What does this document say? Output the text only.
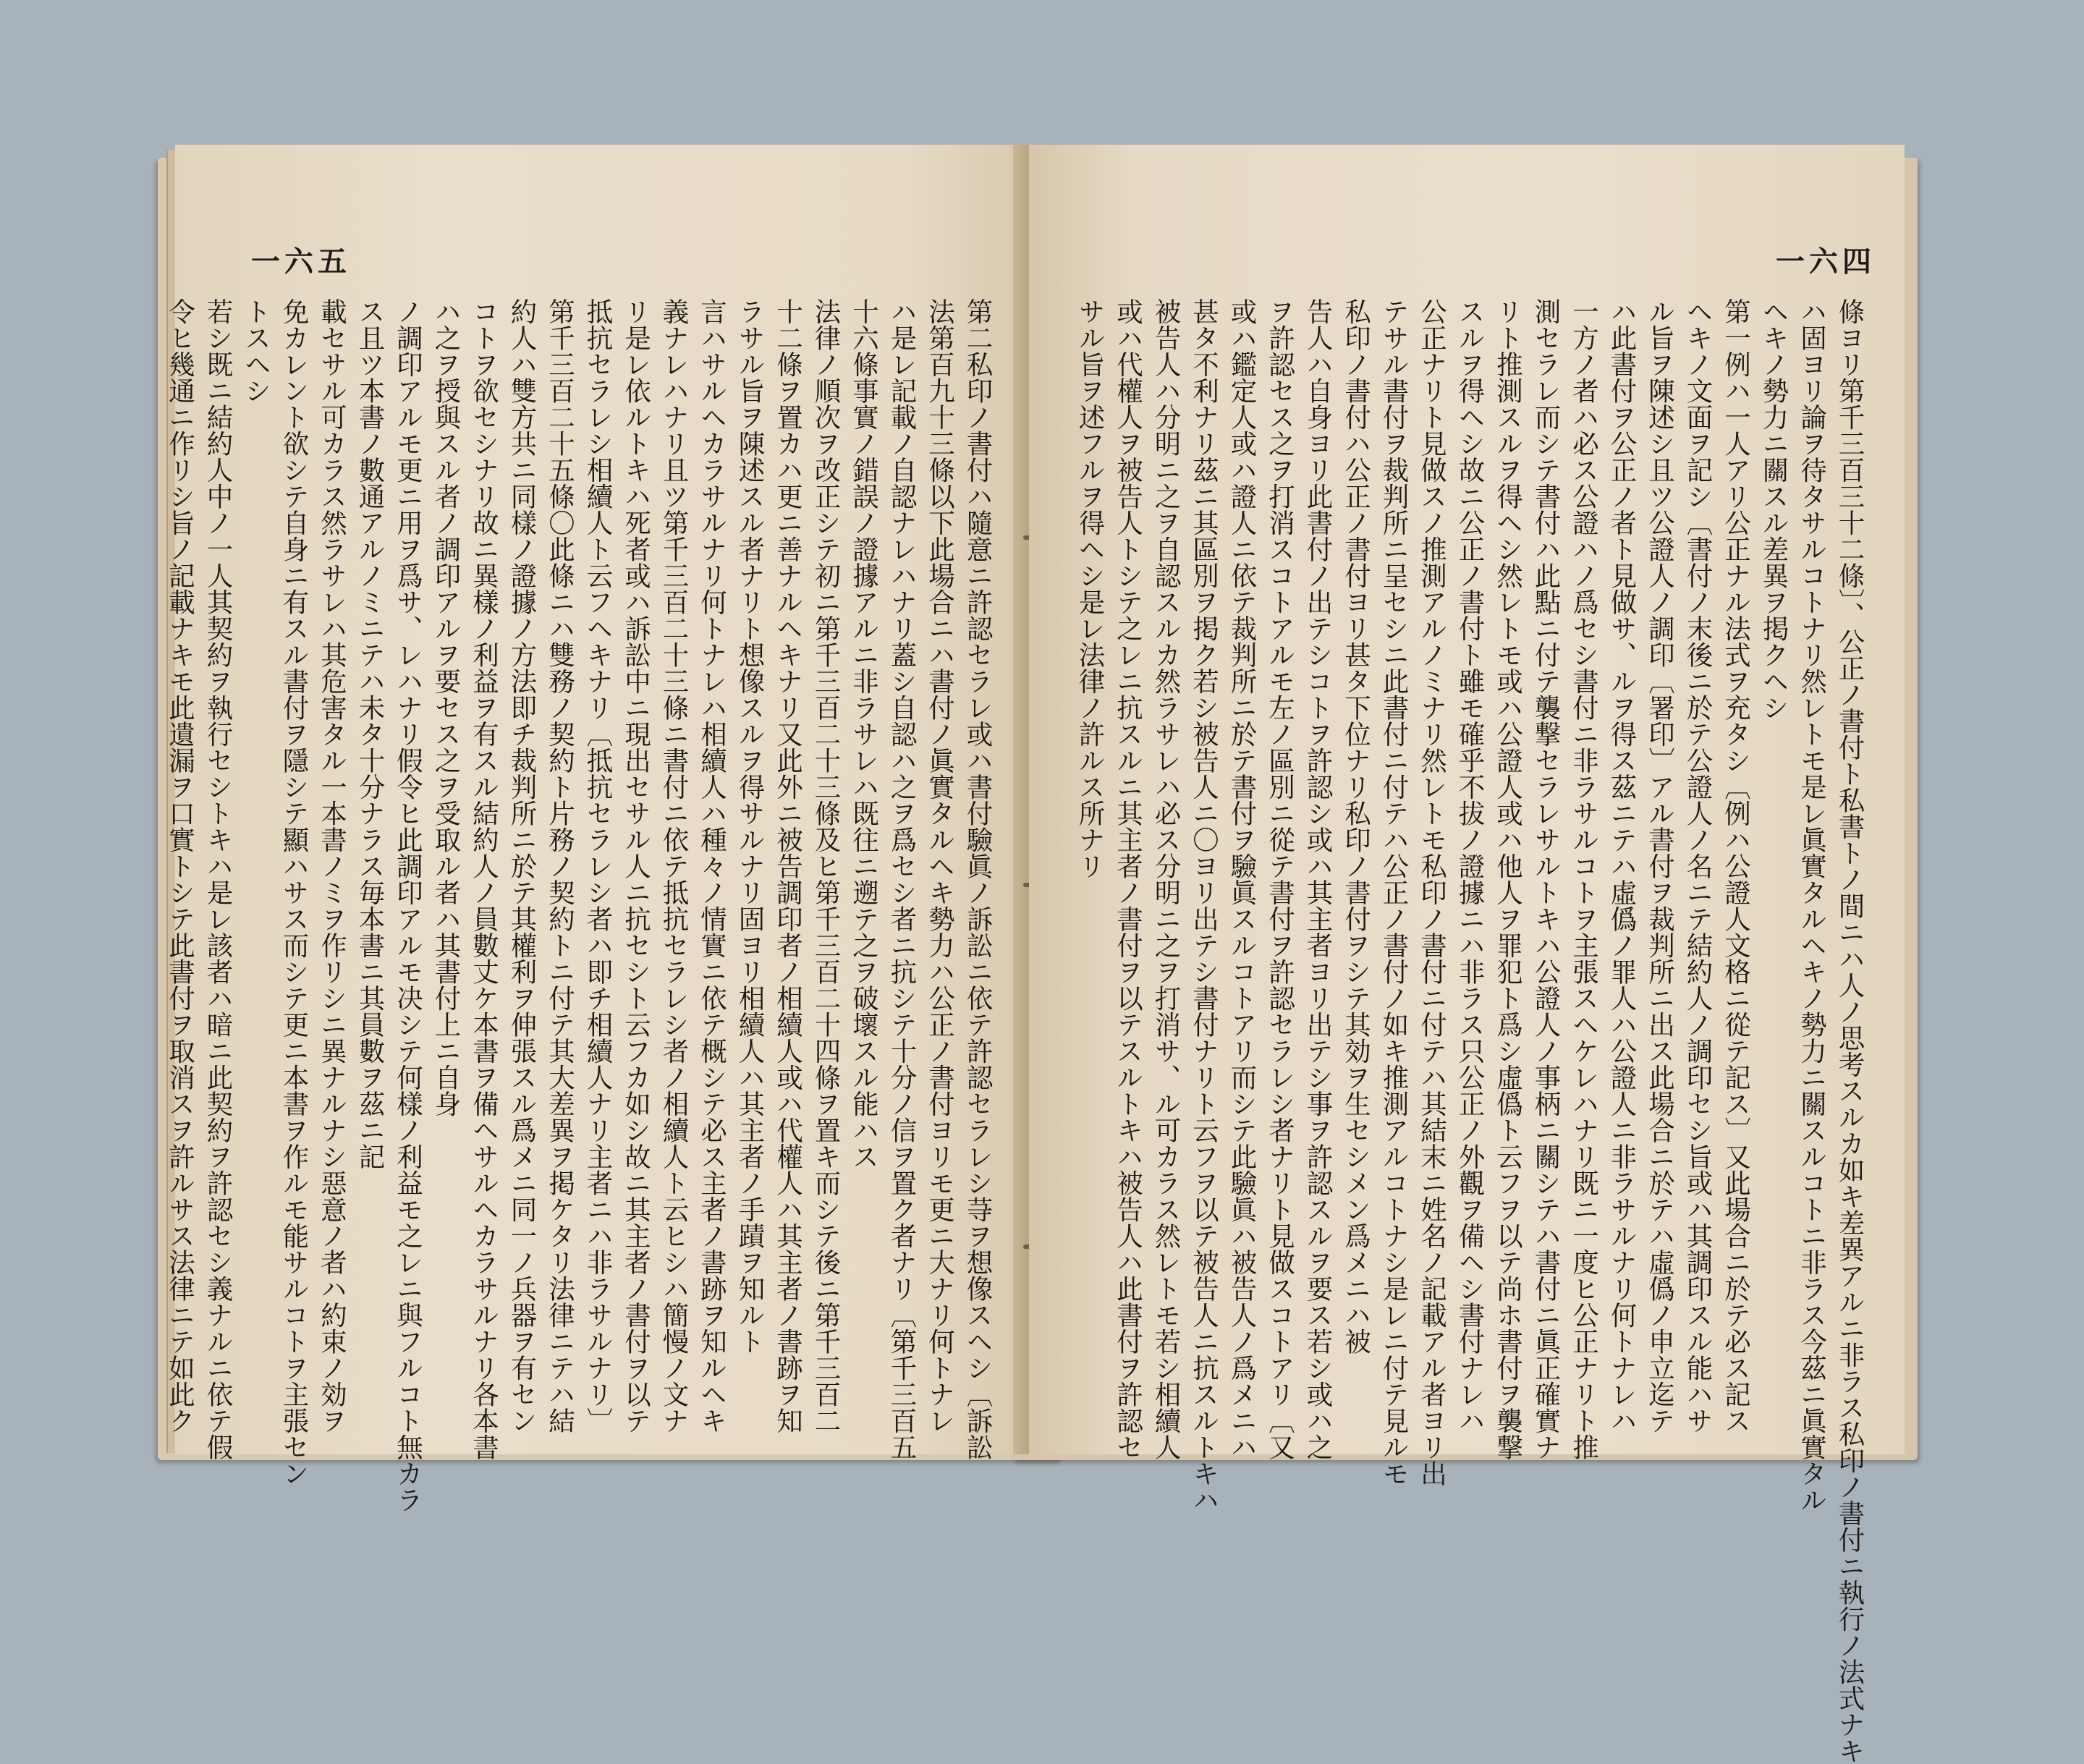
一六五
第二私印ノ書付ハ隨意ニ許認セラレ或ハ書付驗眞ノ訴訟ニ依テ許認セラレシ䒭ヲ想像スヘシ〔訴訟
法第百九十三條以下此場合ニハ書付ノ眞實タルヘキ勢力ハ公正ノ書付ヨリモ更ニ大ナリ何トナレ
ハ是レ記載ノ自認ナレハナリ蓋シ自認ハ之ヲ爲セシ者ニ抗シテ十分ノ信ヲ置ク者ナリ〔第千三百五
十六條事實ノ錯誤ノ證據アルニ非ラサレハ既往ニ遡テ之ヲ破壞スル能ハス
法律ノ順次ヲ改正シテ初ニ第千三百二十三條及ヒ第千三百二十四條ヲ置キ而シテ後ニ第千三百二
十二條ヲ置カハ更ニ善ナルヘキナリ又此外ニ被告調印者ノ相續人或ハ代權人ハ其主者ノ書跡ヲ知
ラサル旨ヲ陳述スル者ナリト想像スルヲ得サルナリ固ヨリ相續人ハ其主者ノ手蹟ヲ知ルト
言ハサルヘカラサルナリ何トナレハ相續人ハ種々ノ情實ニ依テ概シテ必ス主者ノ書跡ヲ知ルヘキ
義ナレハナリ且ツ第千三百二十三條ニ書付ニ依テ抵抗セラレシ者ノ相續人ト云ヒシハ簡慢ノ文ナ
リ是レ依ルトキハ死者或ハ訴訟中ニ現出セサル人ニ抗セシト云フカ如シ故ニ其主者ノ書付ヲ以テ
抵抗セラレシ相續人ト云フヘキナリ〔抵抗セラレシ者ハ即チ相續人ナリ主者ニハ非ラサルナリ〕
第千三百二十五條〇此條ニハ雙務ノ契約ト片務ノ契約トニ付テ其大差異ヲ掲ケタリ法律ニテハ結
約人ハ雙方共ニ同樣ノ證據ノ方法即チ裁判所ニ於テ其權利ヲ伸張スル爲メニ同一ノ兵器ヲ有セン
コトヲ欲セシナリ故ニ異樣ノ利益ヲ有スル結約人ノ員數丈ケ本書ヲ備ヘサルヘカラサルナリ各本書
ハ之ヲ授與スル者ノ調印アルヲ要セス之ヲ受取ル者ハ其書付上ニ自身
ノ調印アルモ更ニ用ヲ爲サ、レハナリ假令ヒ此調印アルモ决シテ何樣ノ利益モ之レニ與フルコト無カラ
ス且ツ本書ノ數通アルノミニテハ未タ十分ナラス毎本書ニ其員數ヲ茲ニ記
載セサル可カラス然ラサレハ其危害タル一本書ノミヲ作リシニ異ナルナシ惡意ノ者ハ約束ノ効ヲ
免カレント欲シテ自身ニ有スル書付ヲ隱シテ顯ハサス而シテ更ニ本書ヲ作ルモ能サルコトヲ主張セン
トスヘシ
若シ既ニ結約人中ノ一人其契約ヲ執行セシトキハ是レ該者ハ暗ニ此契約ヲ許認セシ義ナルニ依テ假
令ヒ幾通ニ作リシ旨ノ記載ナキモ此遺漏ヲ口實トシテ此書付ヲ取消スヲ許ルサス法律ニテ如此ク
一六四
條ヨリ第千三百三十二條〕、公正ノ書付ト私書トノ間ニハ人ノ思考スルカ如キ差異アルニ非ラス私印ノ書付ニ執行ノ法式ナキ
ハ固ヨリ論ヲ待タサルコトナリ然レトモ是レ眞實タルヘキノ勢力ニ關スルコトニ非ラス今茲ニ眞實タル
ヘキノ勢力ニ關スル差異ヲ掲クヘシ
第一例ハ一人アリ公正ナル法式ヲ充タシ〔例ハ公證人文格ニ從テ記ス〕又此場合ニ於テ必ス記ス
ヘキノ文面ヲ記シ〔書付ノ末後ニ於テ公證人ノ名ニテ結約人ノ調印セシ旨或ハ其調印スル能ハサ
ル旨ヲ陳述シ且ツ公證人ノ調印〔署印〕アル書付ヲ裁判所ニ出ス此場合ニ於テハ虛僞ノ申立迄テ
ハ此書付ヲ公正ノ者ト見做サ、ルヲ得ス茲ニテハ虛僞ノ罪人ハ公證人ニ非ラサルナリ何トナレハ
一方ノ者ハ必ス公證ハノ爲セシ書付ニ非ラサルコトヲ主張スヘケレハナリ既ニ一度ヒ公正ナリト推
測セラレ而シテ書付ハ此點ニ付テ襲撃セラレサルトキハ公證人ノ事柄ニ關シテハ書付ニ眞正確實ナ
リト推測スルヲ得ヘシ然レトモ或ハ公證人或ハ他人ヲ罪犯ト爲シ虛僞ト云フヲ以テ尚ホ書付ヲ襲撃
スルヲ得ヘシ故ニ公正ノ書付ト雖モ確乎不拔ノ證據ニハ非ラス只公正ノ外觀ヲ備ヘシ書付ナレハ
公正ナリト見做スノ推測アルノミナリ然レトモ私印ノ書付ニ付テハ其結末ニ姓名ノ記載アル者ヨリ出
テサル書付ヲ裁判所ニ呈セシニ此書付ニ付テハ公正ノ書付ノ如キ推測アルコトナシ是レニ付テ見ルモ
私印ノ書付ハ公正ノ書付ヨリ甚タ下位ナリ私印ノ書付ヲシテ其効ヲ生セシメン爲メニハ被
告人ハ自身ヨリ此書付ノ出テシコトヲ許認シ或ハ其主者ヨリ出テシ事ヲ許認スルヲ要ス若シ或ハ之
ヲ許認セス之ヲ打消スコトアルモ左ノ區別ニ從テ書付ヲ許認セラレシ者ナリト見做スコトアリ〔又
或ハ鑑定人或ハ證人ニ依テ裁判所ニ於テ書付ヲ驗眞スルコトアリ而シテ此驗眞ハ被告人ノ爲メニハ
甚タ不利ナリ茲ニ其區別ヲ掲ク若シ被告人ニ〇ヨリ出テシ書付ナリト云フヲ以テ被告人ニ抗スルトキハ
被告人ハ分明ニ之ヲ自認スルカ然ラサレハ必ス分明ニ之ヲ打消サ、ル可カラス然レトモ若シ相續人
或ハ代權人ヲ被告人トシテ之レニ抗スルニ其主者ノ書付ヲ以テスルトキハ被告人ハ此書付ヲ許認セ
サル旨ヲ述フルヲ得ヘシ是レ法律ノ許ルス所ナリ
